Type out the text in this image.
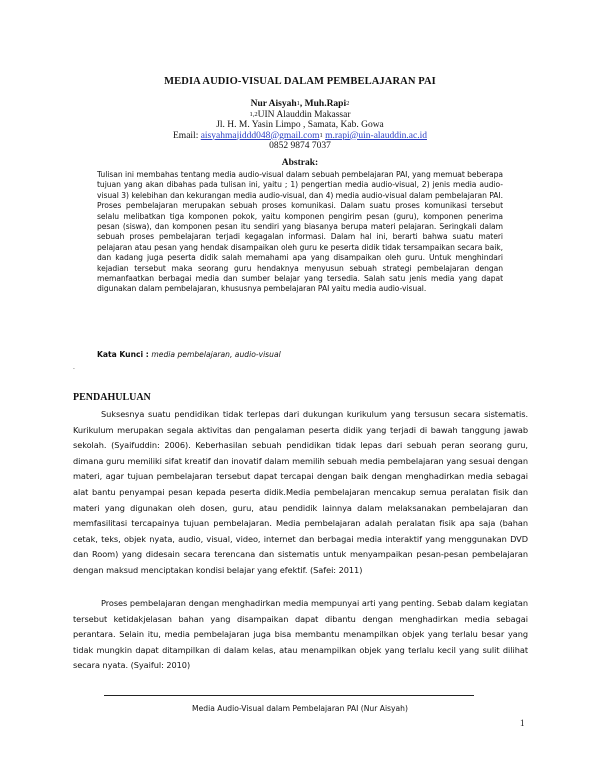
MEDIA AUDIO-VISUAL DALAM PEMBELAJARAN PAI
Nur Aisyah$^1$, Muh.Rapi$^2$
$^{1,2}$UIN Alauddin Makassar
Jl. H. M. Yasin Limpo , Samata, Kab. Gowa
Email: aisyahmajiddd048@gmail.com$^1$ m.rapi@uin-alauddin.ac.id
0852 9874 7037
Abstrak:

Tulisan ini membahas tentang media audio-visual dalam sebuah pembelajaran PAI, yang memuat beberapa tujuan yang akan dibahas pada tulisan ini, yaitu ; 1) pengertian media audio-visual, 2) jenis media audio-visual 3) kelebihan dan kekurangan media audio-visual, dan 4) media audio-visual dalam pembelajaran PAI. Proses pembelajaran merupakan sebuah proses komunikasi. Dalam suatu proses komunikasi tersebut selalu melibatkan tiga komponen pokok, yaitu komponen pengirim pesan (guru), komponen penerima pesan (siswa), dan komponen pesan itu sendiri yang biasanya berupa materi pelajaran. Seringkali dalam sebuah proses pembelajaran terjadi kegagalan informasi. Dalam hal ini, berarti bahwa suatu materi pelajaran atau pesan yang hendak disampaikan oleh guru ke peserta didik tidak tersampaikan secara baik, dan kadang juga peserta didik salah memahami apa yang disampaikan oleh guru. Untuk menghindari kejadian tersebut maka seorang guru hendaknya menyusun sebuah strategi pembelajaran dengan memanfaatkan berbagai media dan sumber belajar yang tersedia. Salah satu jenis media yang dapat digunakan dalam pembelajaran, khususnya pembelajaran PAI yaitu media audio-visual.

Kata Kunci : media pembelajaran, audio-visual
.
PENDAHULUAN

Suksesnya suatu pendidikan tidak terlepas dari dukungan kurikulum yang tersusun secara sistematis. Kurikulum merupakan segala aktivitas dan pengalaman peserta didik yang terjadi di bawah tanggung jawab sekolah. (Syaifuddin: 2006). Keberhasilan sebuah pendidikan tidak lepas dari sebuah peran seorang guru, dimana guru memiliki sifat kreatif dan inovatif dalam memilih sebuah media pembelajaran yang sesuai dengan materi, agar tujuan pembelajaran tersebut dapat tercapai dengan baik dengan menghadirkan media sebagai alat bantu penyampai pesan kepada peserta didik.Media pembelajaran mencakup semua peralatan fisik dan materi yang digunakan oleh dosen, guru, atau pendidik lainnya dalam melaksanakan pembelajaran dan memfasilitasi tercapainya tujuan pembelajaran. Media pembelajaran adalah peralatan fisik apa saja (bahan cetak, teks, objek nyata, audio, visual, video, internet dan berbagai media interaktif yang menggunakan DVD dan Room) yang didesain secara terencana dan sistematis untuk menyampaikan pesan-pesan pembelajaran dengan maksud menciptakan kondisi belajar yang efektif. (Safei: 2011)

Proses pembelajaran dengan menghadirkan media mempunyai arti yang penting. Sebab dalam kegiatan tersebut ketidakjelasan bahan yang disampaikan dapat dibantu dengan menghadirkan media sebagai perantara. Selain itu, media pembelajaran juga bisa membantu menampilkan objek yang terlalu besar yang tidak mungkin dapat ditampilkan di dalam kelas, atau menampilkan objek yang terlalu kecil yang sulit dilihat secara nyata. (Syaiful: 2010)

Media Audio-Visual dalam Pembelajaran PAI (Nur Aisyah)
1
